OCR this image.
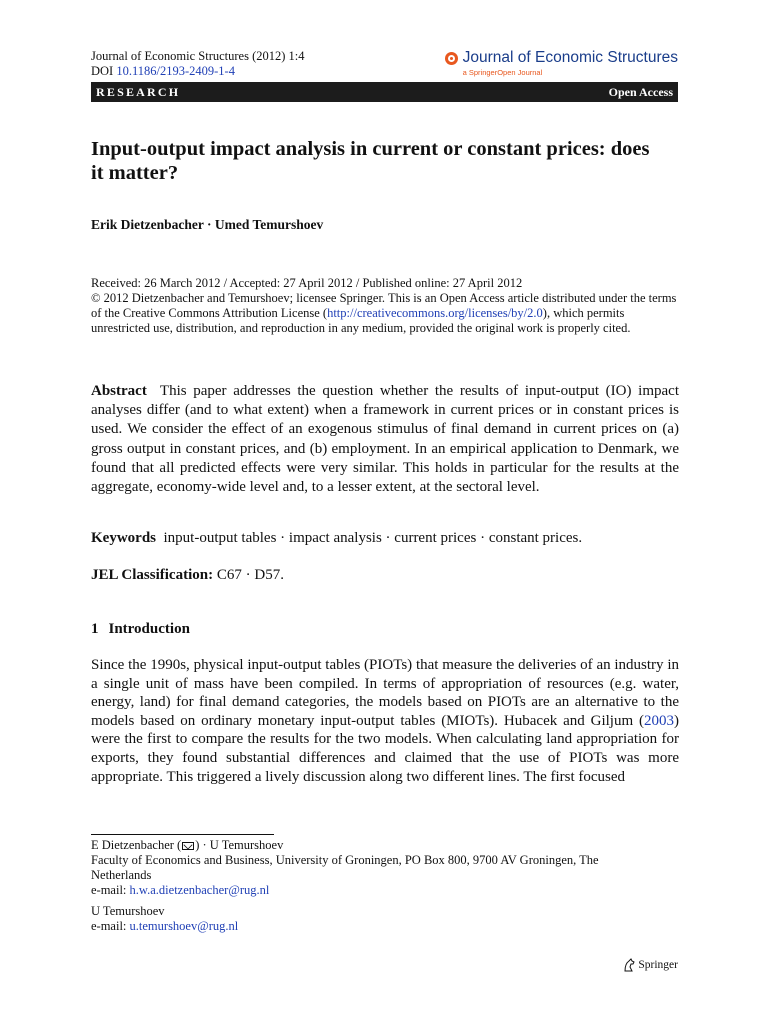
Journal of Economic Structures (2012) 1:4
DOI 10.1186/2193-2409-1-4
Journal of Economic Structures
a SpringerOpen Journal
RESEARCH	Open Access
Input-output impact analysis in current or constant prices: does it matter?
Erik Dietzenbacher · Umed Temurshoev
Received: 26 March 2012 / Accepted: 27 April 2012 / Published online: 27 April 2012
© 2012 Dietzenbacher and Temurshoev; licensee Springer. This is an Open Access article distributed under the terms of the Creative Commons Attribution License (http://creativecommons.org/licenses/by/2.0), which permits unrestricted use, distribution, and reproduction in any medium, provided the original work is properly cited.

Abstract This paper addresses the question whether the results of input-output (IO) impact analyses differ (and to what extent) when a framework in current prices or in constant prices is used. We consider the effect of an exogenous stimulus of final demand in current prices on (a) gross output in constant prices, and (b) employment. In an empirical application to Denmark, we found that all predicted effects were very similar. This holds in particular for the results at the aggregate, economy-wide level and, to a lesser extent, at the sectoral level.

Keywords input-output tables · impact analysis · current prices · constant prices.

JEL Classification: C67 · D57.

1 Introduction

Since the 1990s, physical input-output tables (PIOTs) that measure the deliveries of an industry in a single unit of mass have been compiled. In terms of appropriation of resources (e.g. water, energy, land) for final demand categories, the models based on PIOTs are an alternative to the models based on ordinary monetary input-output tables (MIOTs). Hubacek and Giljum (2003) were the first to compare the results for the two models. When calculating land appropriation for exports, they found substantial differences and claimed that the use of PIOTs was more appropriate. This triggered a lively discussion along two different lines. The first focused

E Dietzenbacher ( ) · U Temurshoev
Faculty of Economics and Business, University of Groningen, PO Box 800, 9700 AV Groningen, The Netherlands
e-mail: h.w.a.dietzenbacher@rug.nl
U Temurshoev
e-mail: u.temurshoev@rug.nl
Springer
